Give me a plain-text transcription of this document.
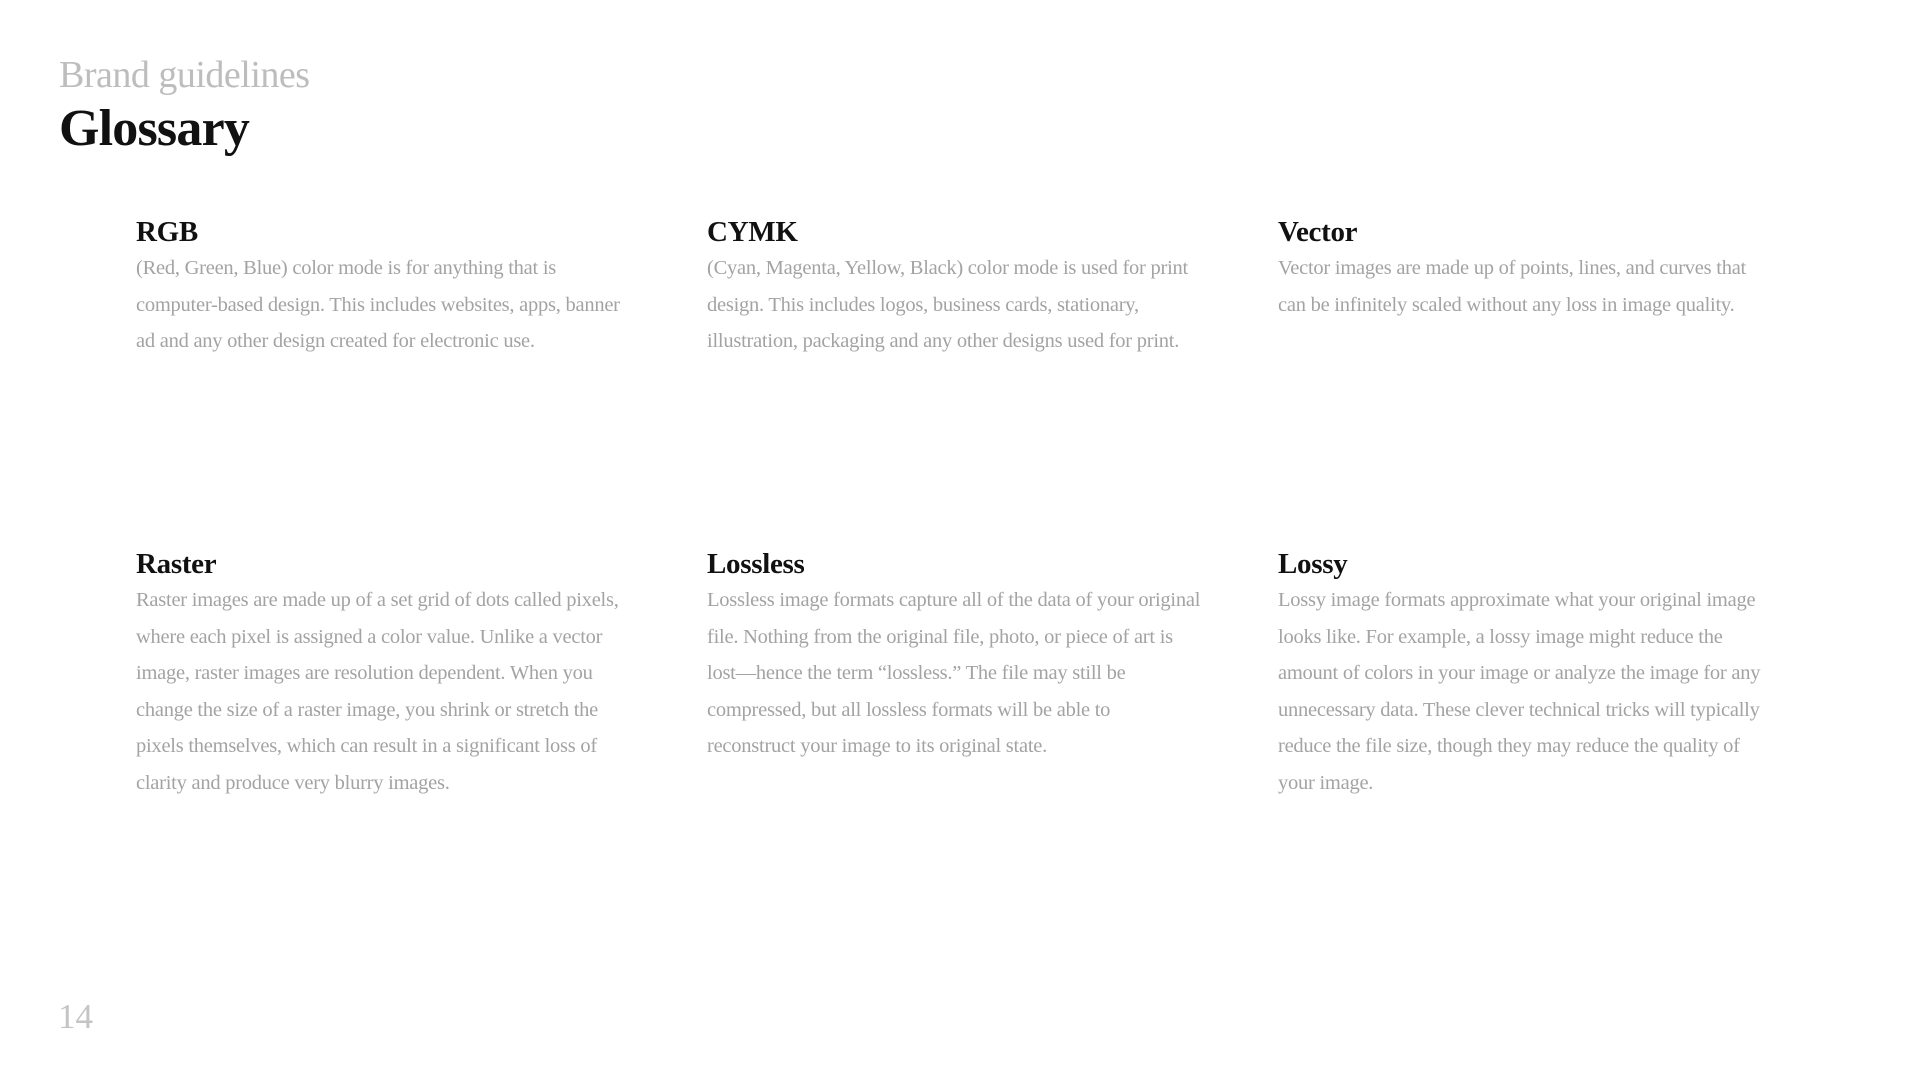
Brand guidelines
Glossary
RGB

(Red, Green, Blue) color mode is for anything that is computer-based design. This includes websites, apps, banner ad and any other design created for electronic use.

CYMK

(Cyan, Magenta, Yellow, Black) color mode is used for print design. This includes logos, business cards, stationary, illustration, packaging and any other designs used for print.

Vector

Vector images are made up of points, lines, and curves that can be infinitely scaled without any loss in image quality.

Raster

Raster images are made up of a set grid of dots called pixels, where each pixel is assigned a color value. Unlike a vector image, raster images are resolution dependent. When you change the size of a raster image, you shrink or stretch the pixels themselves, which can result in a significant loss of clarity and produce very blurry images.

Lossless

Lossless image formats capture all of the data of your original file. Nothing from the original file, photo, or piece of art is lost—hence the term “lossless.” The file may still be compressed, but all lossless formats will be able to reconstruct your image to its original state.

Lossy

Lossy image formats approximate what your original image looks like. For example, a lossy image might reduce the amount of colors in your image or analyze the image for any unnecessary data. These clever technical tricks will typically reduce the file size, though they may reduce the quality of your image.

14
